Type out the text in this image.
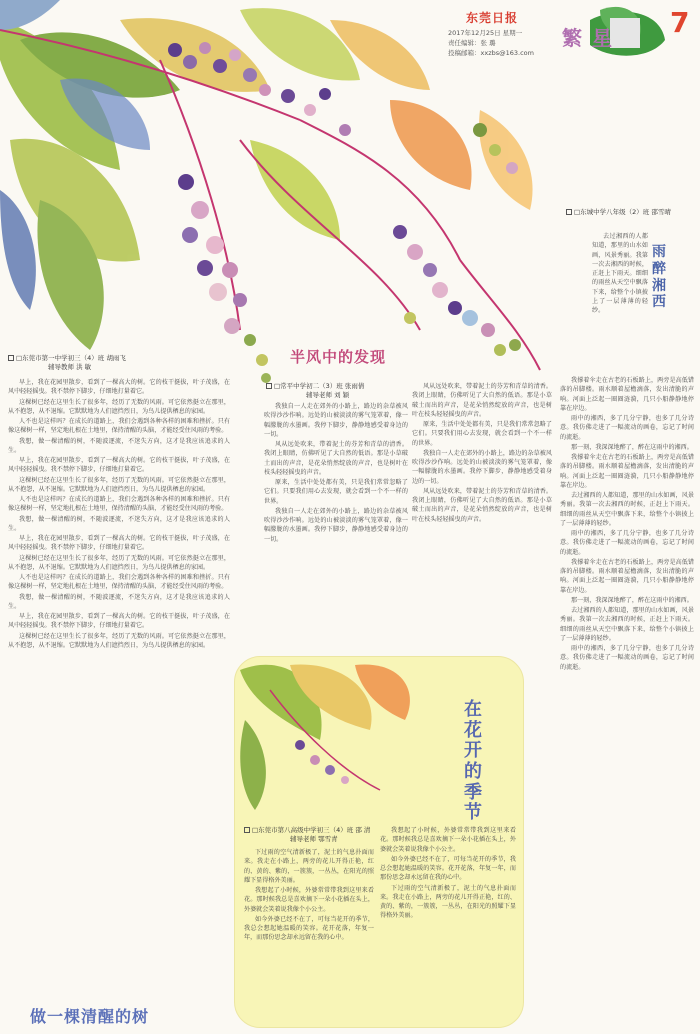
东莞日报
2017年12月25日 星期一
责任编辑：张 璐
投稿邮箱：xxzbs@163.com
繁星 7
□东城中学八年级（2）班 邵雪晴
雨醉湘西

去过湘西的人都知道，那里的山水如画，风景秀丽。我第一次去湘西的时候，正赶上下雨天。细细的雨丝从天空中飘落下来，给整个小镇披上了一层薄薄的轻纱。

我撑着伞走在古老的石板路上，两旁是高低错落的吊脚楼。雨水顺着屋檐滴落，发出清脆的声响。河面上泛起一圈圈涟漪，几只小船静静地停靠在岸边。

雨中的湘西，多了几分宁静，也多了几分诗意。我仿佛走进了一幅流动的画卷，忘记了时间的流逝。

那一刻，我深深地醉了，醉在这雨中的湘西。

我撑着伞走在古老的石板路上，两旁是高低错落的吊脚楼。雨水顺着屋檐滴落，发出清脆的声响。河面上泛起一圈圈涟漪，几只小船静静地停靠在岸边。

去过湘西的人都知道，那里的山水如画，风景秀丽。我第一次去湘西的时候，正赶上下雨天。细细的雨丝从天空中飘落下来，给整个小镇披上了一层薄薄的轻纱。

雨中的湘西，多了几分宁静，也多了几分诗意。我仿佛走进了一幅流动的画卷，忘记了时间的流逝。

我撑着伞走在古老的石板路上，两旁是高低错落的吊脚楼。雨水顺着屋檐滴落，发出清脆的声响。河面上泛起一圈圈涟漪，几只小船静静地停靠在岸边。

那一刻，我深深地醉了，醉在这雨中的湘西。

去过湘西的人都知道，那里的山水如画，风景秀丽。我第一次去湘西的时候，正赶上下雨天。细细的雨丝从天空中飘落下来，给整个小镇披上了一层薄薄的轻纱。

雨中的湘西，多了几分宁静，也多了几分诗意。我仿佛走进了一幅流动的画卷，忘记了时间的流逝。

半风中的发现
□常平中学初二（3）班 张雨倩
辅导老师 刘 颖

我独自一人走在郊外的小路上，路边的杂草被风吹得沙沙作响。远处的山被淡淡的雾气笼罩着，像一幅朦胧的水墨画。我停下脚步，静静地感受着身边的一切。

风从远处吹来，带着泥土的芬芳和青草的清香。我闭上眼睛，仿佛听见了大自然的低语。那是小草破土而出的声音，是花朵悄然绽放的声音，也是树叶在枝头轻轻摇曳的声音。

原来，生活中处处都有美，只是我们常常忽略了它们。只要我们用心去发现，就会看到一个不一样的世界。

我独自一人走在郊外的小路上，路边的杂草被风吹得沙沙作响。远处的山被淡淡的雾气笼罩着，像一幅朦胧的水墨画。我停下脚步，静静地感受着身边的一切。

风从远处吹来，带着泥土的芬芳和青草的清香。我闭上眼睛，仿佛听见了大自然的低语。那是小草破土而出的声音，是花朵悄然绽放的声音，也是树叶在枝头轻轻摇曳的声音。

原来，生活中处处都有美，只是我们常常忽略了它们。只要我们用心去发现，就会看到一个不一样的世界。

我独自一人走在郊外的小路上，路边的杂草被风吹得沙沙作响。远处的山被淡淡的雾气笼罩着，像一幅朦胧的水墨画。我停下脚步，静静地感受着身边的一切。

风从远处吹来，带着泥土的芬芳和青草的清香。我闭上眼睛，仿佛听见了大自然的低语。那是小草破土而出的声音，是花朵悄然绽放的声音，也是树叶在枝头轻轻摇曳的声音。

□东莞市第一中学初三（4）班 胡雨飞
辅导教师 洪 敏

早上，我在花园里散步，看到了一棵高大的树。它的枝干挺拔，叶子茂盛，在风中轻轻摇曳。我不禁停下脚步，仔细地打量着它。

这棵树已经在这里生长了很多年，经历了无数的风雨。可它依然挺立在那里，从不抱怨，从不退缩。它默默地为人们遮挡烈日，为鸟儿提供栖息的家园。

人不也是这样吗？在成长的道路上，我们会遇到各种各样的困难和挫折。只有像这棵树一样，坚定地扎根在土地里，保持清醒的头脑，才能经受住风雨的考验。

我想，做一棵清醒的树，不随波逐流，不迷失方向，这才是我应该追求的人生。

早上，我在花园里散步，看到了一棵高大的树。它的枝干挺拔，叶子茂盛，在风中轻轻摇曳。我不禁停下脚步，仔细地打量着它。

这棵树已经在这里生长了很多年，经历了无数的风雨。可它依然挺立在那里，从不抱怨，从不退缩。它默默地为人们遮挡烈日，为鸟儿提供栖息的家园。

人不也是这样吗？在成长的道路上，我们会遇到各种各样的困难和挫折。只有像这棵树一样，坚定地扎根在土地里，保持清醒的头脑，才能经受住风雨的考验。

我想，做一棵清醒的树，不随波逐流，不迷失方向，这才是我应该追求的人生。

早上，我在花园里散步，看到了一棵高大的树。它的枝干挺拔，叶子茂盛，在风中轻轻摇曳。我不禁停下脚步，仔细地打量着它。

这棵树已经在这里生长了很多年，经历了无数的风雨。可它依然挺立在那里，从不抱怨，从不退缩。它默默地为人们遮挡烈日，为鸟儿提供栖息的家园。

人不也是这样吗？在成长的道路上，我们会遇到各种各样的困难和挫折。只有像这棵树一样，坚定地扎根在土地里，保持清醒的头脑，才能经受住风雨的考验。

我想，做一棵清醒的树，不随波逐流，不迷失方向，这才是我应该追求的人生。

早上，我在花园里散步，看到了一棵高大的树。它的枝干挺拔，叶子茂盛，在风中轻轻摇曳。我不禁停下脚步，仔细地打量着它。

这棵树已经在这里生长了很多年，经历了无数的风雨。可它依然挺立在那里，从不抱怨，从不退缩。它默默地为人们遮挡烈日，为鸟儿提供栖息的家园。

做一棵清醒的树
在花开的季节
□东莞市第八高级中学初三（4）班 邵 清
辅导老师 鄂雪青

下过雨的空气清新极了，泥土的气息扑面而来。我走在小路上，两旁的花儿开得正艳，红的、黄的、紫的，一簇簇，一丛丛，在阳光的照耀下显得格外美丽。

我想起了小时候，外婆常常带我到这里来看花。那时候我总是喜欢摘下一朵小花插在头上，外婆就会笑着说我像个小公主。

如今外婆已经不在了，可每当花开的季节，我总会想起她温暖的笑容。花开花落，年复一年，而那份思念却永远留在我的心中。

我想起了小时候，外婆常常带我到这里来看花。那时候我总是喜欢摘下一朵小花插在头上，外婆就会笑着说我像个小公主。

如今外婆已经不在了，可每当花开的季节，我总会想起她温暖的笑容。花开花落，年复一年，而那份思念却永远留在我的心中。

下过雨的空气清新极了，泥土的气息扑面而来。我走在小路上，两旁的花儿开得正艳，红的、黄的、紫的，一簇簇，一丛丛，在阳光的照耀下显得格外美丽。
